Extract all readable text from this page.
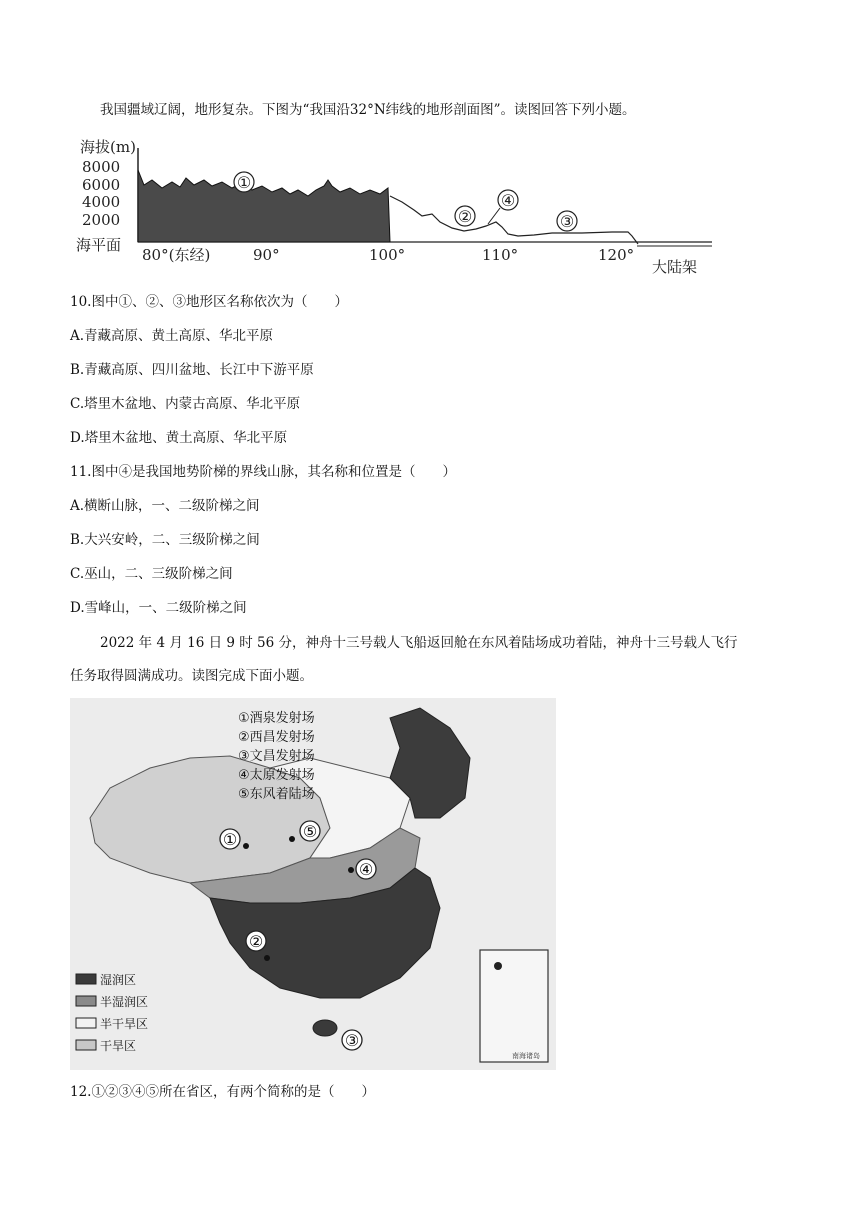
我国疆域辽阔，地形复杂。下图为“我国沿32°N纬线的地形剖面图”。读图回答下列小题。
海拔(m)
8000
6000
4000
2000
海平面
①
②
④
③
80°(东经)	90°	100°	110°	120°
大陆架
10.图中①、②、③地形区名称依次为（　　）
A.青藏高原、黄土高原、华北平原
B.青藏高原、四川盆地、长江中下游平原
C.塔里木盆地、内蒙古高原、华北平原
D.塔里木盆地、黄土高原、华北平原
11.图中④是我国地势阶梯的界线山脉，其名称和位置是（　　）
A.横断山脉，一、二级阶梯之间
B.大兴安岭，二、三级阶梯之间
C.巫山，二、三级阶梯之间
D.雪峰山，一、二级阶梯之间
2022 年 4 月 16 日 9 时 56 分，神舟十三号载人飞船返回舱在东风着陆场成功着陆，神舟十三号载人飞行
任务取得圆满成功。读图完成下面小题。
南海诸岛
①酒泉发射场
②西昌发射场
③文昌发射场
④太原发射场
⑤东风着陆场
①	⑤
④
②
③
湿润区
半湿润区
半干旱区
干旱区
12.①②③④⑤所在省区，有两个简称的是（　　）
